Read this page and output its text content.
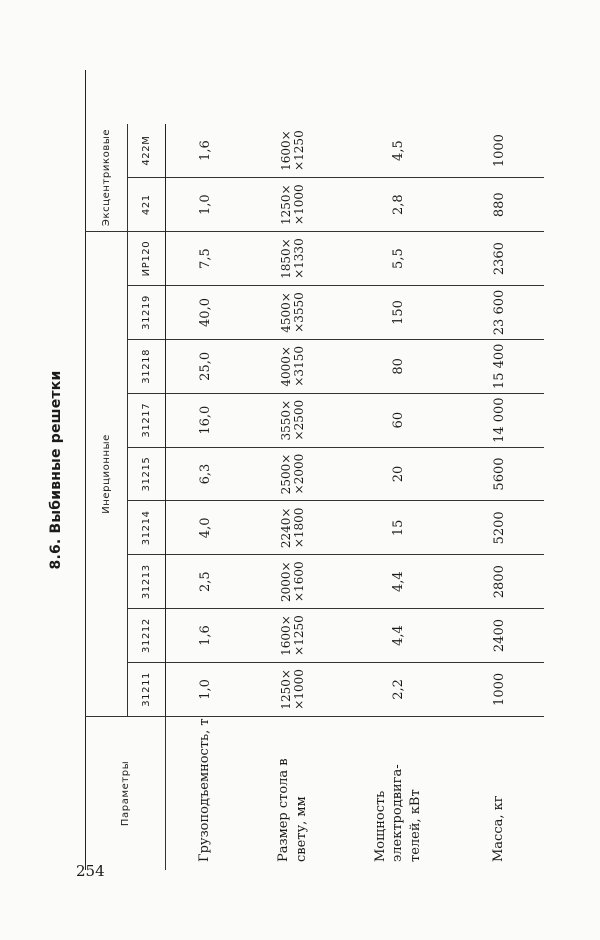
254
8.6. Выбивные решетки
Параметры	Инерционные									Эксцентриковые	
	31211	31212	31213	31214	31215	31217	31218	31219	ИР120	421	422М
Грузоподъемность, т	1,0	1,6	2,5	4,0	6,3	16,0	25,0	40,0	7,5	1,0	1,6
Размер стола в свету, мм	1250×
×1000	1600×
×1250	2000×
×1600	2240×
×1800	2500×
×2000	3550×
×2500	4000×
×3150	4500×
×3550	1850×
×1330	1250×
×1000	1600×
×1250

Мощность электродвига- телей, кВт	2,2	4,4	4,4	15	20	60	80	150	5,5	2,8	4,5
Масса, кг	1000	2400	2800	5200	5600	14 000	15 400	23 600	2360	880	1000
